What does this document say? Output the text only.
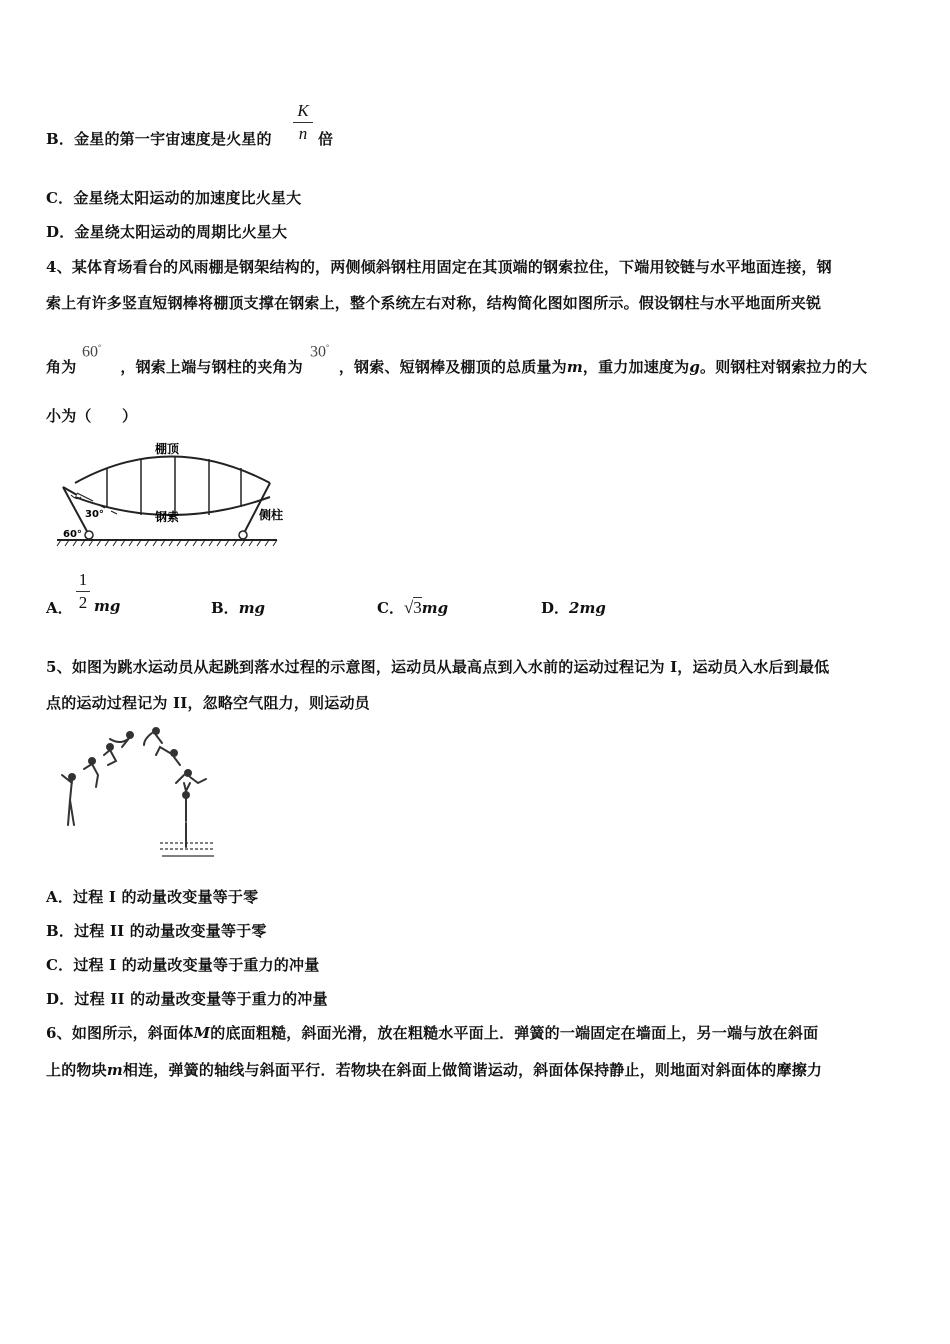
B．金星的第一宇宙速度是火星的
K
n 倍
C．金星绕太阳运动的加速度比火星大
D．金星绕太阳运动的周期比火星大
4、某体育场看台的风雨棚是钢架结构的，两侧倾斜钢柱用固定在其顶端的钢索拉住，下端用铰链与水平地面连接，钢
索上有许多竖直短钢棒将棚顶支撑在钢索上，整个系统左右对称，结构简化图如图所示。假设钢柱与水平地面所夹锐
角为	，钢索上端与钢柱的夹角为 ，钢索、短钢棒及棚顶的总质量为m，重力加速度为g。则钢柱对钢索拉力的大
60°	30°
小为（　　）
棚顶
钢索	侧柱
30°
60°
A．
1
2 mg	B．mg	C．√3mg	D．2mg
5、如图为跳水运动员从起跳到落水过程的示意图，运动员从最高点到入水前的运动过程记为 I，运动员入水后到最低
点的运动过程记为 II，忽略空气阻力，则运动员
A．过程 I 的动量改变量等于零
B．过程 II 的动量改变量等于零
C．过程 I 的动量改变量等于重力的冲量
D．过程 II 的动量改变量等于重力的冲量
6、如图所示，斜面体M的底面粗糙，斜面光滑，放在粗糙水平面上．弹簧的一端固定在墙面上，另一端与放在斜面
上的物块m相连，弹簧的轴线与斜面平行．若物块在斜面上做简谐运动，斜面体保持静止，则地面对斜面体的摩擦力
